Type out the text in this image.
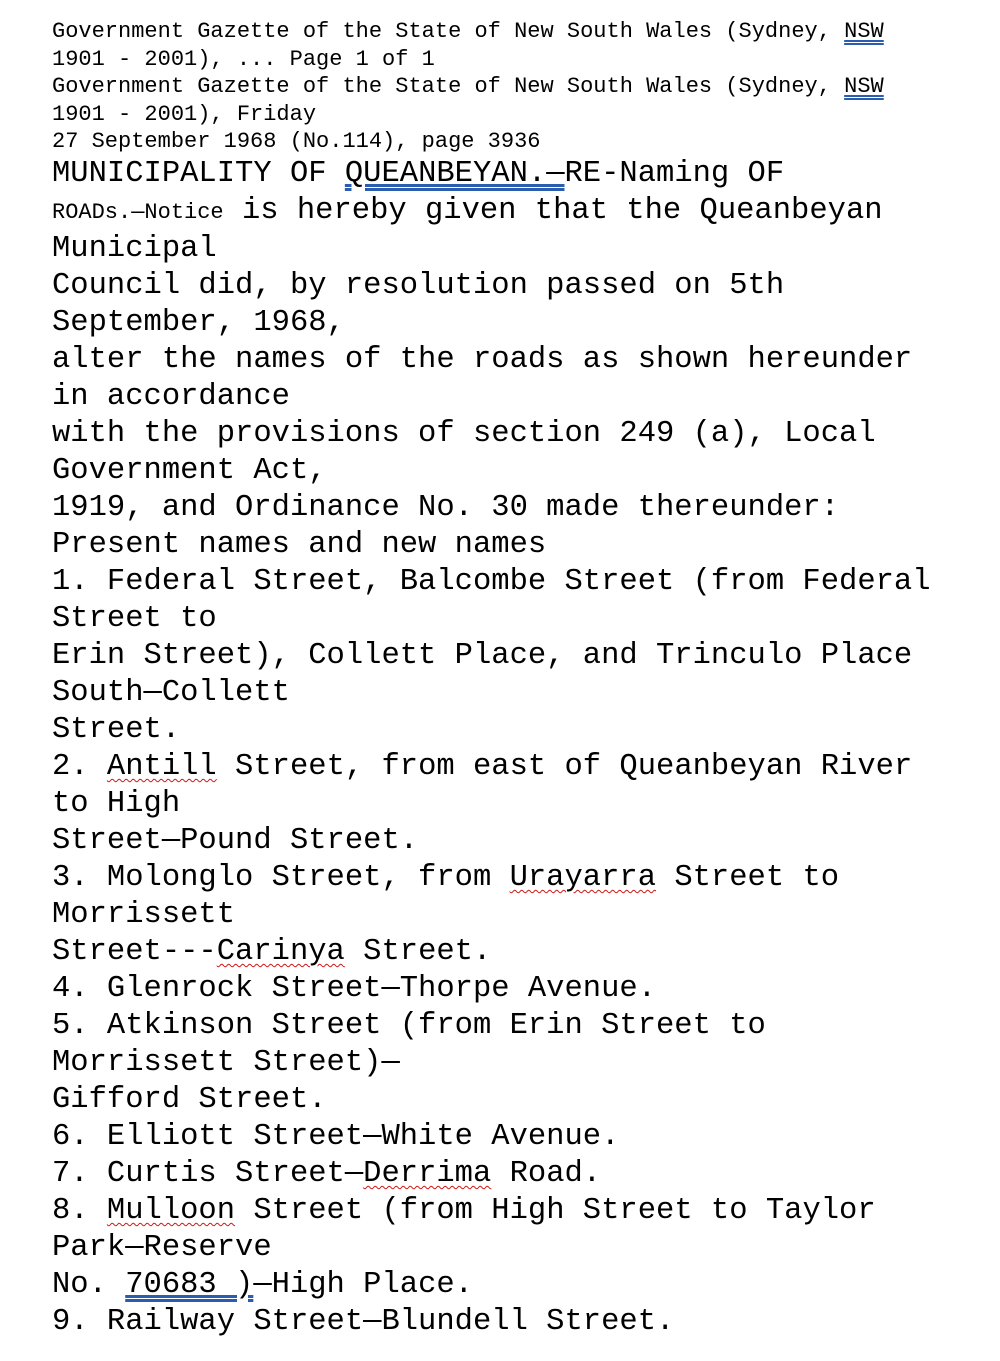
Government Gazette of the State of New South Wales (Sydney, NSW
1901 - 2001), ... Page 1 of 1
Government Gazette of the State of New South Wales (Sydney, NSW
1901 - 2001), Friday
27 September 1968 (No.114), page 3936
MUNICIPALITY OF QUEANBEYAN.—RE-Naming OF
ROADs.—Notice is hereby given that the Queanbeyan
Municipal
Council did, by resolution passed on 5th
September, 1968,
alter the names of the roads as shown hereunder
in accordance
with the provisions of section 249 (a), Local
Government Act,
1919, and Ordinance No. 30 made thereunder:
Present names and new names
1. Federal Street, Balcombe Street (from Federal
Street to
Erin Street), Collett Place, and Trinculo Place
South—Collett
Street.
2. Antill Street, from east of Queanbeyan River
to High
Street—Pound Street.
3. Molonglo Street, from Urayarra Street to
Morrissett
Street---Carinya Street.
4. Glenrock Street—Thorpe Avenue.
5. Atkinson Street (from Erin Street to
Morrissett Street)—
Gifford Street.
6. Elliott Street—White Avenue.
7. Curtis Street—Derrima Road.
8. Mulloon Street (from High Street to Taylor
Park—Reserve
No. 70683 )—High Place.
9. Railway Street—Blundell Street.
